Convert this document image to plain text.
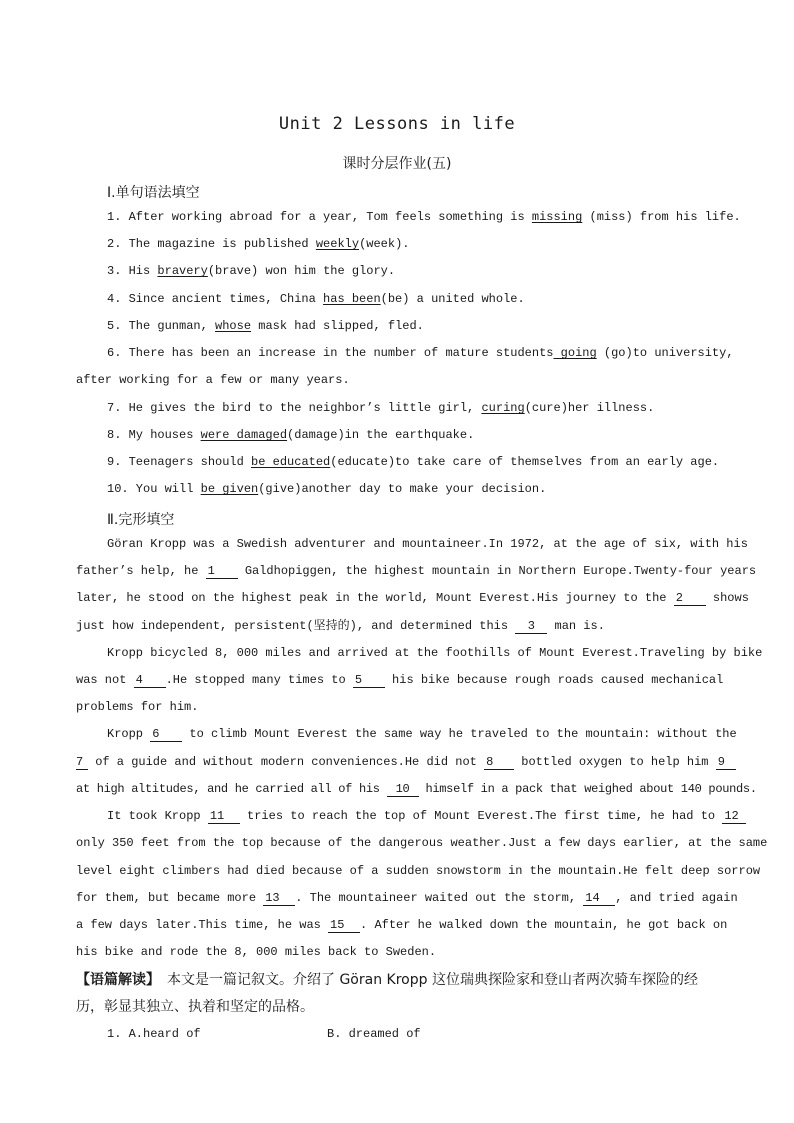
Unit 2 Lessons in life
课时分层作业(五)
Ⅰ.单句语法填空
1. After working abroad for a year, Tom feels something is missing (miss) from his life.
2. The magazine is published weekly(week).
3. His bravery(brave) won him the glory.
4. Since ancient times, China has been(be) a united whole.
5. The gunman, whose mask had slipped, fled.
6. There has been an increase in the number of mature students going (go)to university,
after working for a few or many years.
7. He gives the bird to the neighbor’s little girl, curing(cure)her illness.
8. My houses were damaged(damage)in the earthquake.
9. Teenagers should be educated(educate)to take care of themselves from an early age.
10. You will be given(give)another day to make your decision.
Ⅱ.完形填空
Göran Kropp was a Swedish adventurer and mountaineer.In 1972, at the age of six, with his
father’s help, he 1 Galdhopiggen, the highest mountain in Northern Europe.Twenty-four years
later, he stood on the highest peak in the world, Mount Everest.His journey to the 2 shows
just how independent, persistent(坚持的), and determined this 3 man is.
Kropp bicycled 8, 000 miles and arrived at the foothills of Mount Everest.Traveling by bike
was not 4 .He stopped many times to 5 his bike because rough roads caused mechanical
problems for him.
Kropp 6 to climb Mount Everest the same way he traveled to the mountain: without the
7 of a guide and without modern conveniences.He did not 8 bottled oxygen to help him 9
at high altitudes, and he carried all of his 10 himself in a pack that weighed about 140 pounds.
It took Kropp 11 tries to reach the top of Mount Everest.The first time, he had to 12
only 350 feet from the top because of the dangerous weather.Just a few days earlier, at the same
level eight climbers had died because of a sudden snowstorm in the mountain.He felt deep sorrow
for them, but became more 13 . The mountaineer waited out the storm, 14 , and tried again
a few days later.This time, he was 15 . After he walked down the mountain, he got back on
his bike and rode the 8, 000 miles back to Sweden.
【语篇解读】　本文是一篇记叙文。介绍了 Göran Kropp 这位瑞典探险家和登山者两次骑车探险的经
历，彰显其独立、执着和坚定的品格。
1. A.heard of	B. dreamed of
